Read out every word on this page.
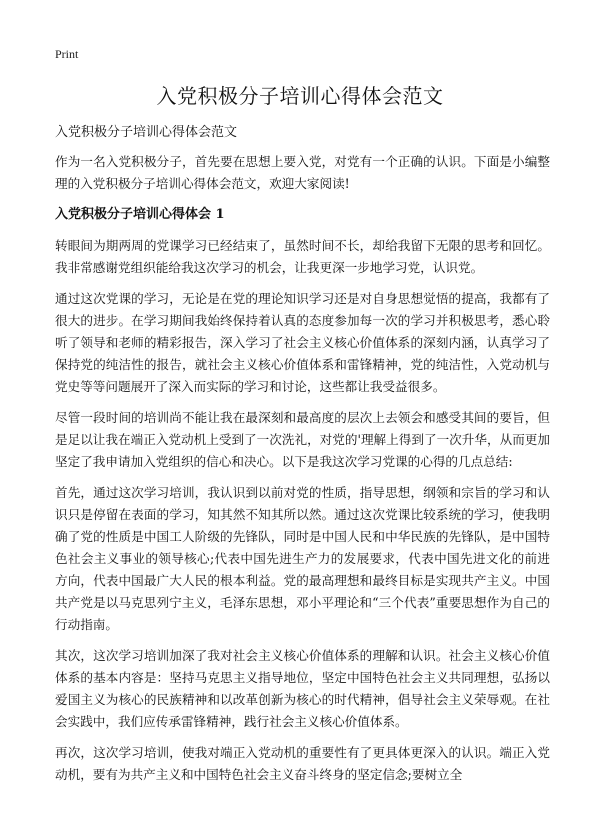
Print
入党积极分子培训心得体会范文
入党积极分子培训心得体会范文

作为一名入党积极分子，首先要在思想上要入党，对党有一个正确的认识。下面是小编整理的入党积极分子培训心得体会范文，欢迎大家阅读!

入党积极分子培训心得体会 1

转眼间为期两周的党课学习已经结束了，虽然时间不长，却给我留下无限的思考和回忆。我非常感谢党组织能给我这次学习的机会，让我更深一步地学习党，认识党。

通过这次党课的学习，无论是在党的理论知识学习还是对自身思想觉悟的提高，我都有了很大的进步。在学习期间我始终保持着认真的态度参加每一次的学习并积极思考，悉心聆听了领导和老师的精彩报告，深入学习了社会主义核心价值体系的深刻内涵，认真学习了保持党的纯洁性的报告，就社会主义核心价值体系和雷锋精神，党的纯洁性，入党动机与党史等等问题展开了深入而实际的学习和讨论，这些都让我受益很多。

尽管一段时间的培训尚不能让我在最深刻和最高度的层次上去领会和感受其间的要旨，但是足以让我在端正入党动机上受到了一次洗礼，对党的'理解上得到了一次升华，从而更加坚定了我申请加入党组织的信心和决心。以下是我这次学习党课的心得的几点总结:

首先，通过这次学习培训，我认识到以前对党的性质，指导思想，纲领和宗旨的学习和认识只是停留在表面的学习，知其然不知其所以然。通过这次党课比较系统的学习，使我明确了党的性质是中国工人阶级的先锋队，同时是中国人民和中华民族的先锋队，是中国特色社会主义事业的领导核心;代表中国先进生产力的发展要求，代表中国先进文化的前进方向，代表中国最广大人民的根本利益。党的最高理想和最终目标是实现共产主义。中国共产党是以马克思列宁主义，毛泽东思想，邓小平理论和“三个代表”重要思想作为自己的行动指南。

其次，这次学习培训加深了我对社会主义核心价值体系的理解和认识。社会主义核心价值体系的基本内容是：坚持马克思主义指导地位，坚定中国特色社会主义共同理想，弘扬以爱国主义为核心的民族精神和以改革创新为核心的时代精神，倡导社会主义荣辱观。在社会实践中，我们应传承雷锋精神，践行社会主义核心价值体系。

再次，这次学习培训，使我对端正入党动机的重要性有了更具体更深入的认识。端正入党动机，要有为共产主义和中国特色社会主义奋斗终身的坚定信念;要树立全
